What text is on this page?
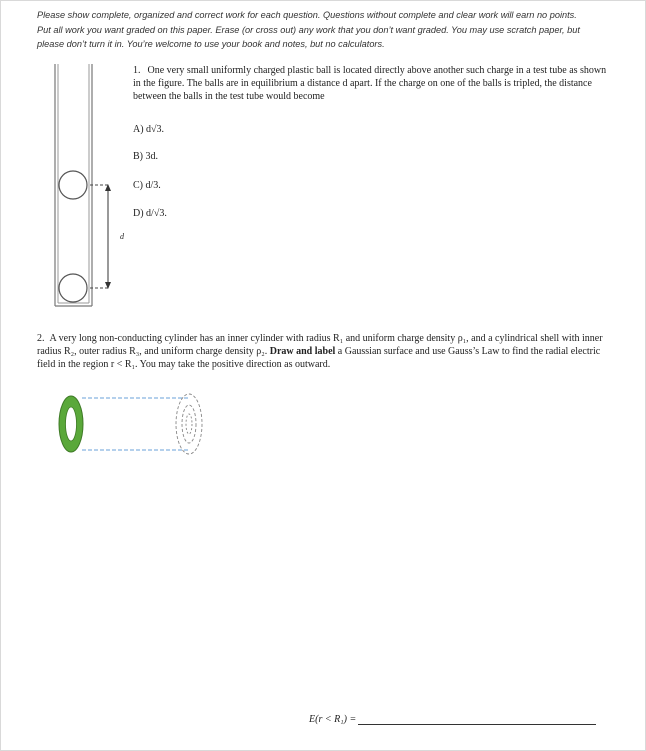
Please show complete, organized and correct work for each question. Questions without complete and clear work will earn no points.
Put all work you want graded on this paper. Erase (or cross out) any work that you don’t want graded. You may use scratch paper, but
please don’t turn it in. You’re welcome to use your book and notes, but no calculators.
d
1. One very small uniformly charged plastic ball is located directly above another such charge in a test tube as shown in the figure. The balls are in equilibrium a distance d apart. If the charge on one of the balls is tripled, the distance between the balls in the test tube would become
A) d√3.
B) 3d.
C) d/3.
D) d/√3.
2. A very long non-conducting cylinder has an inner cylinder with radius R₁ and uniform charge density ρ₁, and a cylindrical shell with inner radius R₂, outer radius R₃, and uniform charge density ρ₂. Draw and label a Gaussian surface and use Gauss’s Law to find the radial electric field in the region r < R₁. You may take the positive direction as outward.
E(r < R₁) =
